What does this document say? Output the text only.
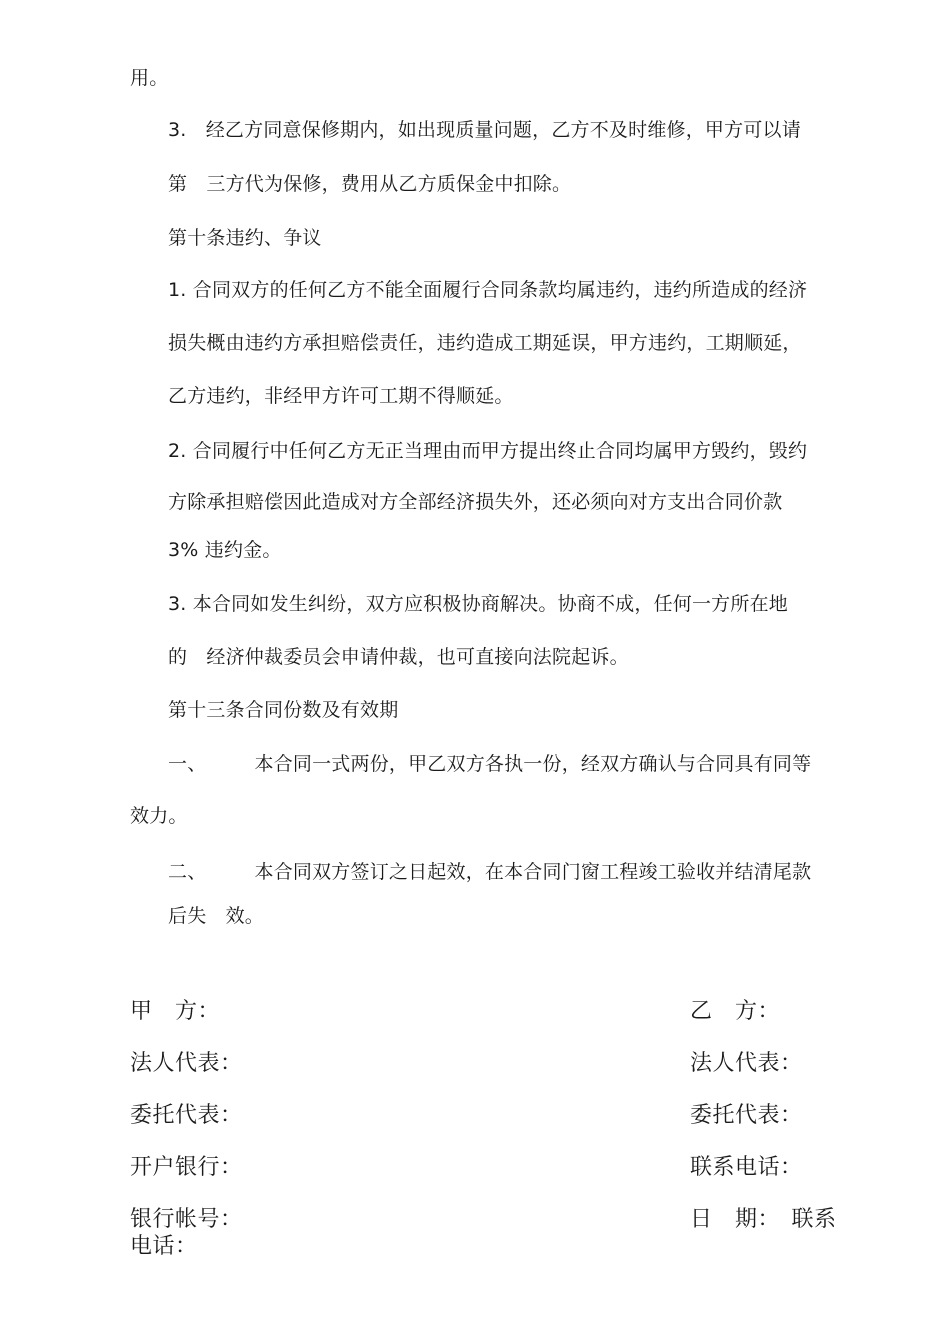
用。
3.　经乙方同意保修期内，如出现质量问题，乙方不及时维修，甲方可以请
第　三方代为保修，费用从乙方质保金中扣除。
第十条违约、争议
1. 合同双方的任何乙方不能全面履行合同条款均属违约，违约所造成的经济
损失概由违约方承担赔偿责任，违约造成工期延误，甲方违约，工期顺延，
乙方违约，非经甲方许可工期不得顺延。
2. 合同履行中任何乙方无正当理由而甲方提出终止合同均属甲方毁约，毁约
方除承担赔偿因此造成对方全部经济损失外，还必须向对方支出合同价款
3% 违约金。
3. 本合同如发生纠纷，双方应积极协商解决。协商不成，任何一方所在地
的　经济仲裁委员会申请仲裁，也可直接向法院起诉。
第十三条合同份数及有效期
一、　　　本合同一式两份，甲乙双方各执一份，经双方确认与合同具有同等
效力。
二、　　　本合同双方签订之日起效，在本合同门窗工程竣工验收并结清尾款
后失　效。
甲　方：
法人代表：
委托代表：
开户银行：
银行帐号：
电话：
乙　方：
法人代表：
委托代表：
联系电话：
日　期：　联系
